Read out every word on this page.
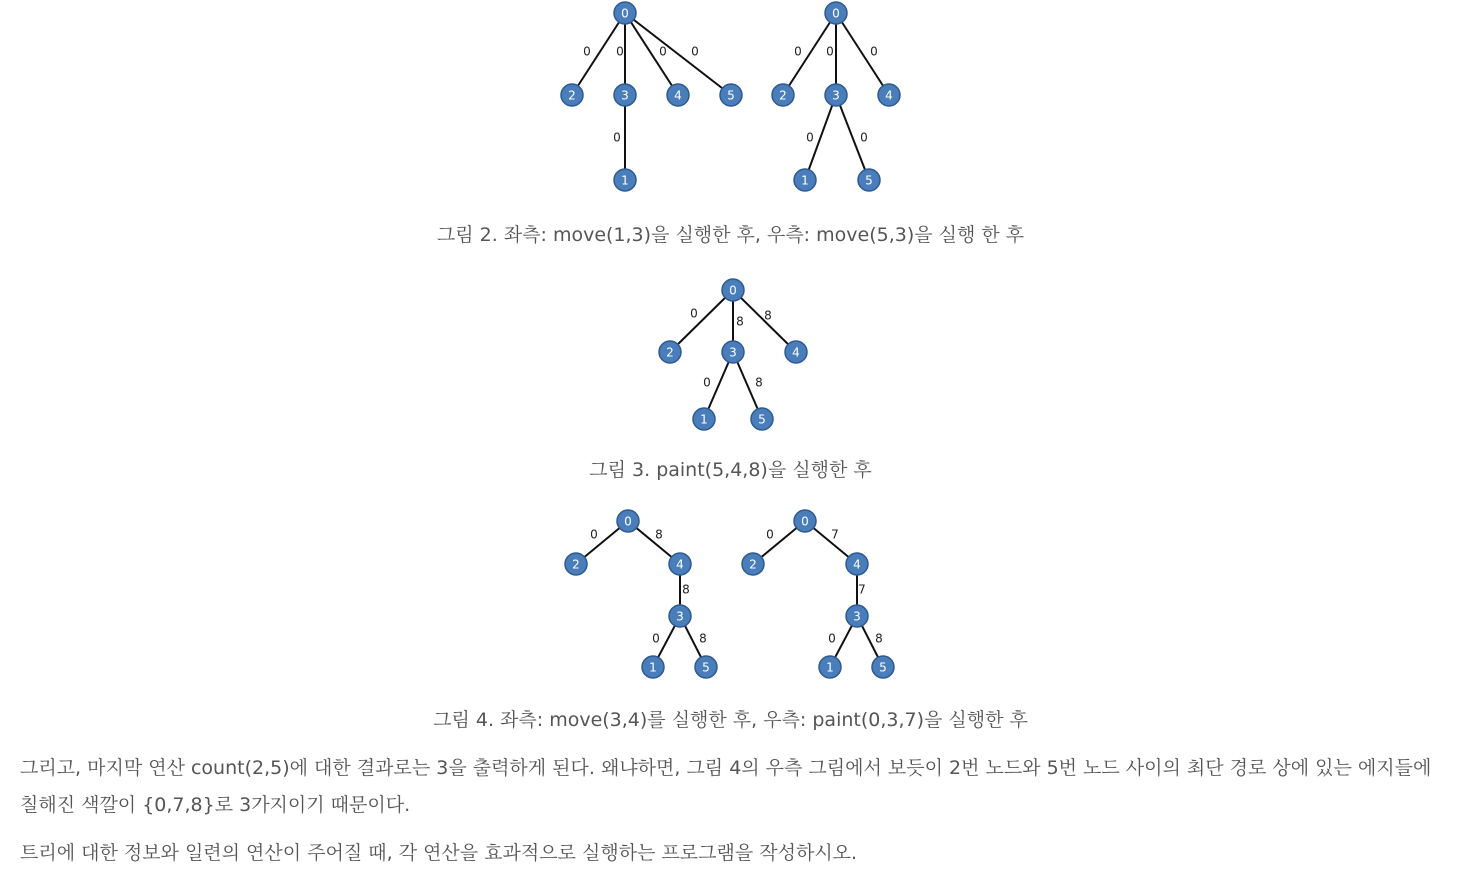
0 0	0 0
0
0
2	3	4	5
1
0 0	0
0	0
0
2	3	4
1	5
그림 2. 좌측: move(1,3)을 실행한 후, 우측: move(5,3)을 실행 한 후
0
8 8
0	8
0
2	3	4
1	5
그림 3. paint(5,4,8)을 실행한 후
0	8
8
0	8
0
2	4
3
1	5
0	7
7
0	8
0
2	4
3
1	5
그림 4. 좌측: move(3,4)를 실행한 후, 우측: paint(0,3,7)을 실행한 후
그리고, 마지막 연산 count(2,5)에 대한 결과로는 3을 출력하게 된다. 왜냐하면, 그림 4의 우측 그림에서 보듯이 2번 노드와 5번 노드 사이의 최단 경로 상에 있는 에지들에 칠해진 색깔이 {0,7,8}로 3가지이기 때문이다.
트리에 대한 정보와 일련의 연산이 주어질 때, 각 연산을 효과적으로 실행하는 프로그램을 작성하시오.
